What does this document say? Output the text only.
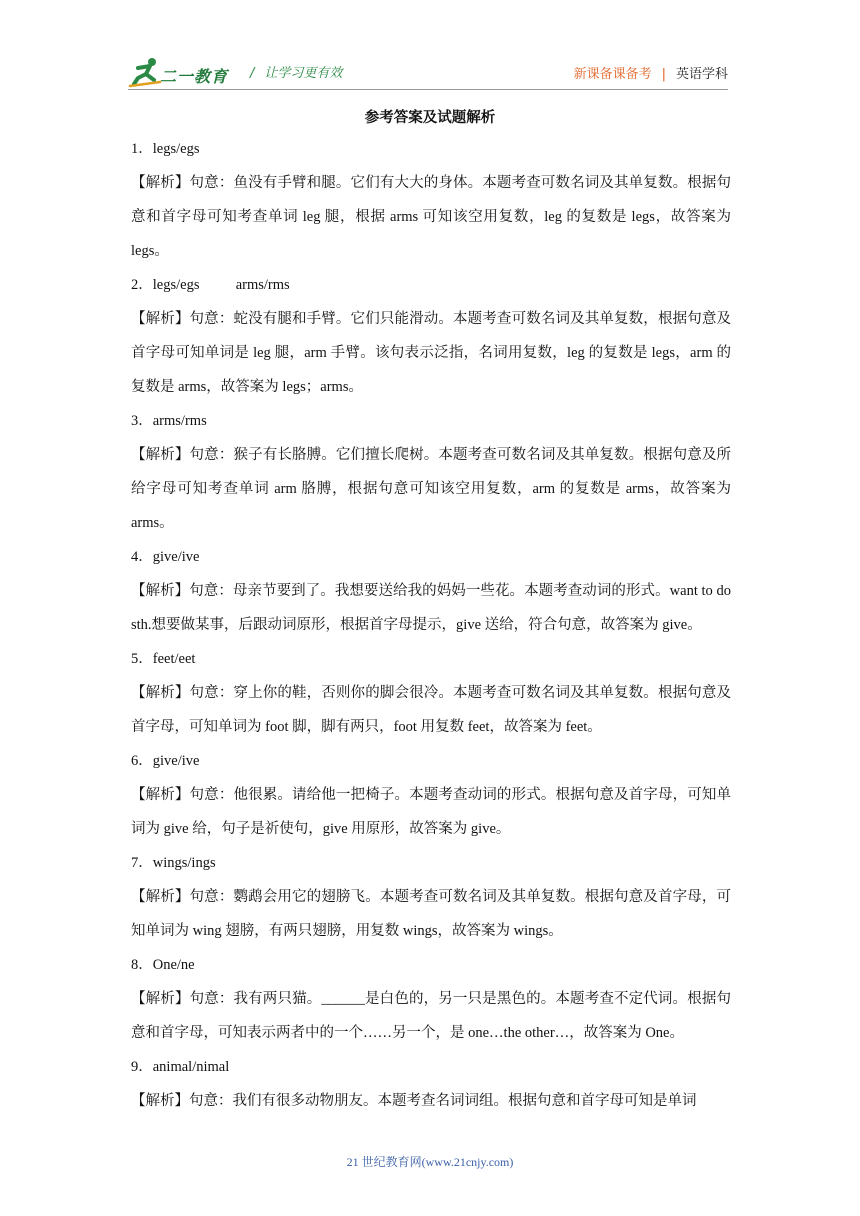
二一教育 / 让学习更有效	新课备课备考 | 英语学科
参考答案及试题解析
1．legs/egs
【解析】句意：鱼没有手臂和腿。它们有大大的身体。本题考查可数名词及其单复数。根据句意和首字母可知考查单词 leg 腿，根据 arms 可知该空用复数，leg 的复数是 legs，故答案为 legs。
2．legs/egs          arms/rms
【解析】句意：蛇没有腿和手臂。它们只能滑动。本题考查可数名词及其单复数，根据句意及首字母可知单词是 leg 腿，arm 手臂。该句表示泛指，名词用复数，leg 的复数是 legs，arm 的复数是 arms，故答案为 legs；arms。
3．arms/rms
【解析】句意：猴子有长胳膊。它们擅长爬树。本题考查可数名词及其单复数。根据句意及所给字母可知考查单词 arm 胳膊，根据句意可知该空用复数，arm 的复数是 arms，故答案为 arms。
4．give/ive
【解析】句意：母亲节要到了。我想要送给我的妈妈一些花。本题考查动词的形式。want to do sth.想要做某事，后跟动词原形，根据首字母提示，give 送给，符合句意，故答案为 give。
5．feet/eet
【解析】句意：穿上你的鞋，否则你的脚会很冷。本题考查可数名词及其单复数。根据句意及首字母，可知单词为 foot 脚，脚有两只，foot 用复数 feet，故答案为 feet。
6．give/ive
【解析】句意：他很累。请给他一把椅子。本题考查动词的形式。根据句意及首字母，可知单词为 give 给，句子是祈使句，give 用原形，故答案为 give。
7．wings/ings
【解析】句意：鹦鹉会用它的翅膀飞。本题考查可数名词及其单复数。根据句意及首字母，可知单词为 wing 翅膀，有两只翅膀，用复数 wings，故答案为 wings。
8．One/ne
【解析】句意：我有两只猫。______是白色的，另一只是黑色的。本题考查不定代词。根据句意和首字母，可知表示两者中的一个……另一个，是 one…the other…，故答案为 One。
9．animal/nimal
【解析】句意：我们有很多动物朋友。本题考查名词词组。根据句意和首字母可知是单词
21 世纪教育网(www.21cnjy.com)
